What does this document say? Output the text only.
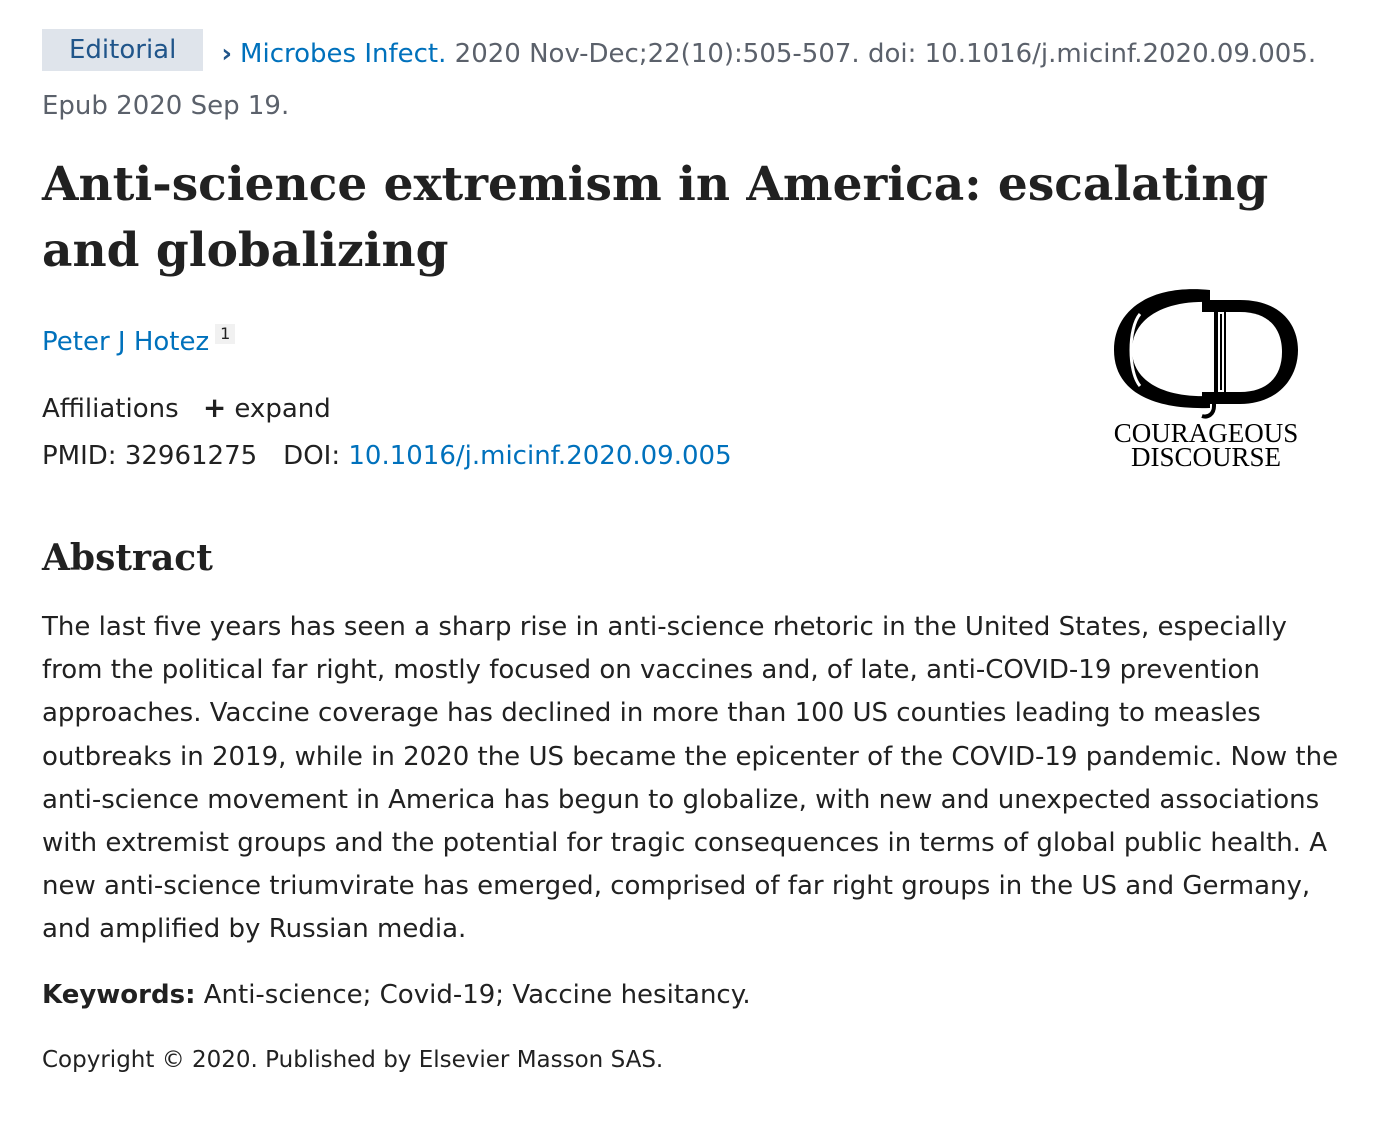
Editorial › Microbes Infect. 2020 Nov-Dec;22(10):505-507. doi: 10.1016/j.micinf.2020.09.005. Epub 2020 Sep 19.
Anti-science extremism in America: escalating and globalizing
Peter J Hotez 1
Affiliations + expand
PMID: 32961275 DOI: 10.1016/j.micinf.2020.09.005
COURAGEOUS
DISCOURSE
Abstract

The last five years has seen a sharp rise in anti-science rhetoric in the United States, especially from the political far right, mostly focused on vaccines and, of late, anti-COVID-19 prevention approaches. Vaccine coverage has declined in more than 100 US counties leading to measles outbreaks in 2019, while in 2020 the US became the epicenter of the COVID-19 pandemic. Now the anti-science movement in America has begun to globalize, with new and unexpected associations with extremist groups and the potential for tragic consequences in terms of global public health. A new anti-science triumvirate has emerged, comprised of far right groups in the US and Germany, and amplified by Russian media.

Keywords: Anti-science; Covid-19; Vaccine hesitancy.
Copyright © 2020. Published by Elsevier Masson SAS.
